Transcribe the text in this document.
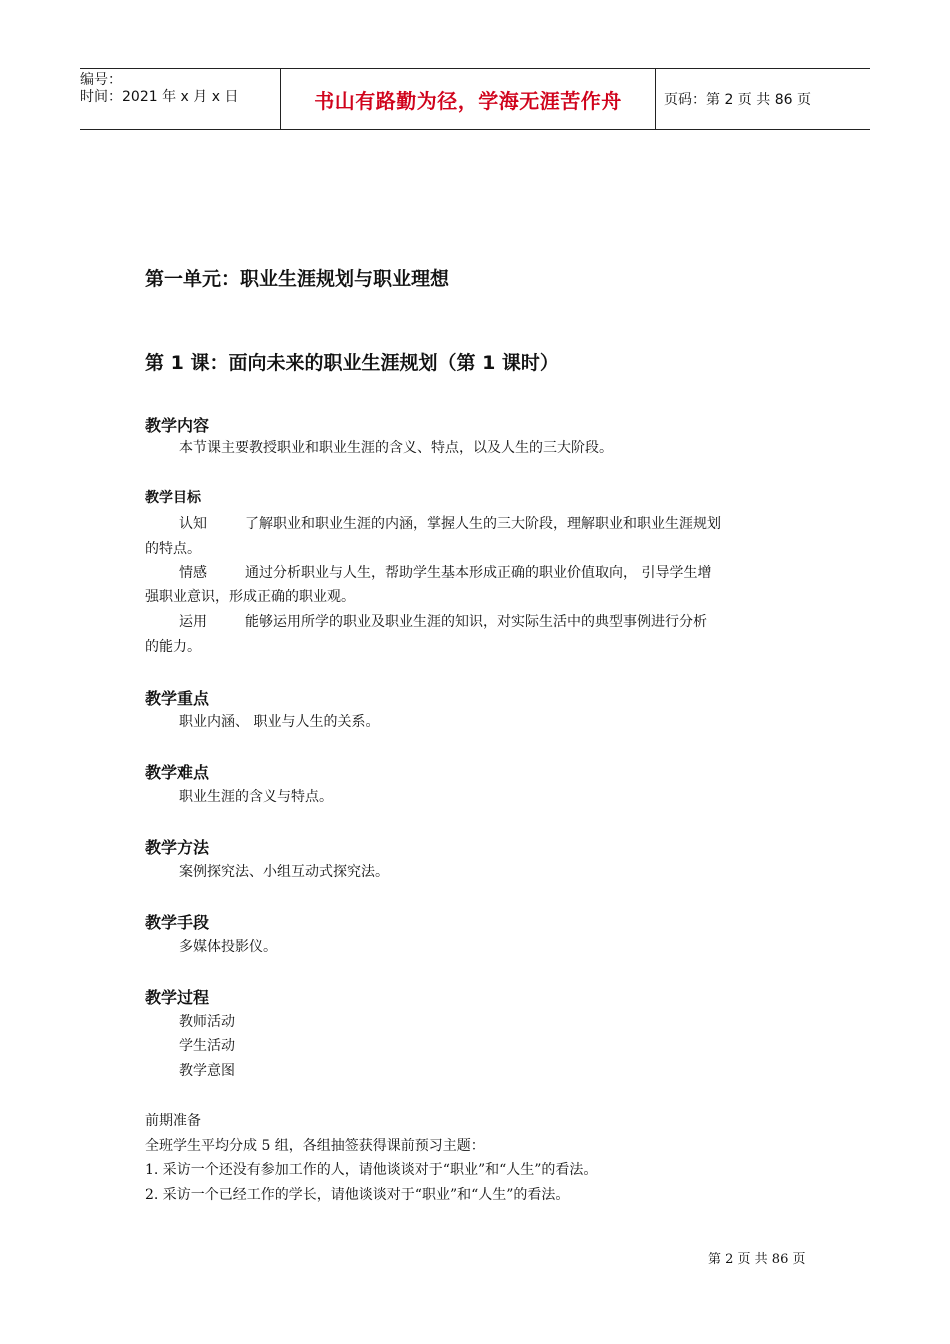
编号：
时间：2021 年 x 月 x 日	书山有路勤为径，学海无涯苦作舟	页码：第 2 页 共 86 页
第一单元：职业生涯规划与职业理想
第 1 课：面向未来的职业生涯规划（第 1 课时）
教学内容
本节课主要教授职业和职业生涯的含义、特点，以及人生的三大阶段。
教学目标
认知	了解职业和职业生涯的内涵，掌握人生的三大阶段，理解职业和职业生涯规划
的特点。
情感	通过分析职业与人生，帮助学生基本形成正确的职业价值取向， 引导学生增
强职业意识，形成正确的职业观。
运用	能够运用所学的职业及职业生涯的知识，对实际生活中的典型事例进行分析
的能力。
教学重点
职业内涵、 职业与人生的关系。
教学难点
职业生涯的含义与特点。
教学方法
案例探究法、小组互动式探究法。
教学手段
多媒体投影仪。
教学过程
教师活动
学生活动
教学意图
前期准备
全班学生平均分成 5 组，各组抽签获得课前预习主题：
1. 采访一个还没有参加工作的人，请他谈谈对于“职业”和“人生”的看法。
2. 采访一个已经工作的学长，请他谈谈对于“职业”和“人生”的看法。
第 2 页 共 86 页
